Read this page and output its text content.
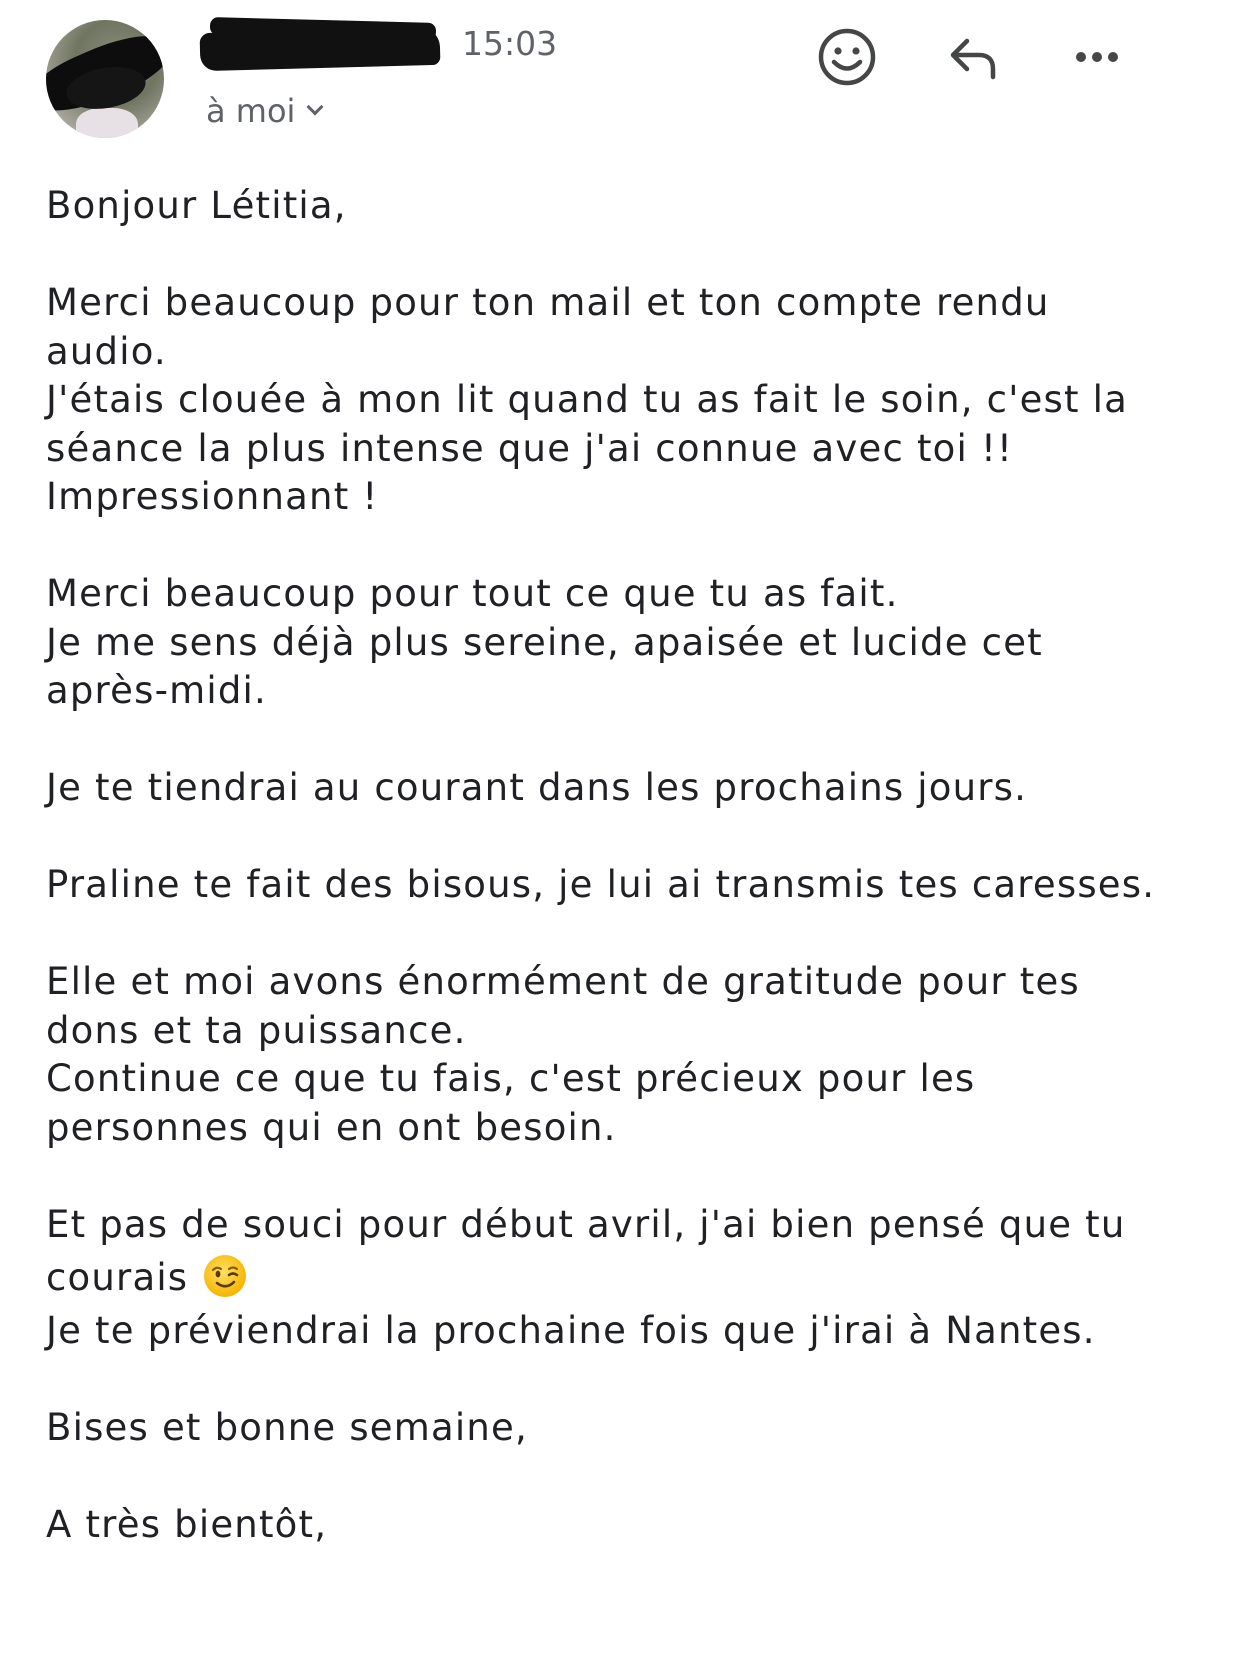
15:03
à moi

Bonjour Létitia,

Merci beaucoup pour ton mail et ton compte rendu

audio.

J'étais clouée à mon lit quand tu as fait le soin, c'est la

séance la plus intense que j'ai connue avec toi !!

Impressionnant !

Merci beaucoup pour tout ce que tu as fait.

Je me sens déjà plus sereine, apaisée et lucide cet

après-midi.

Je te tiendrai au courant dans les prochains jours.

Praline te fait des bisous, je lui ai transmis tes caresses.

Elle et moi avons énormément de gratitude pour tes

dons et ta puissance.

Continue ce que tu fais, c'est précieux pour les

personnes qui en ont besoin.

Et pas de souci pour début avril, j'ai bien pensé que tu

courais

Je te préviendrai la prochaine fois que j'irai à Nantes.

Bises et bonne semaine,

A très bientôt,
